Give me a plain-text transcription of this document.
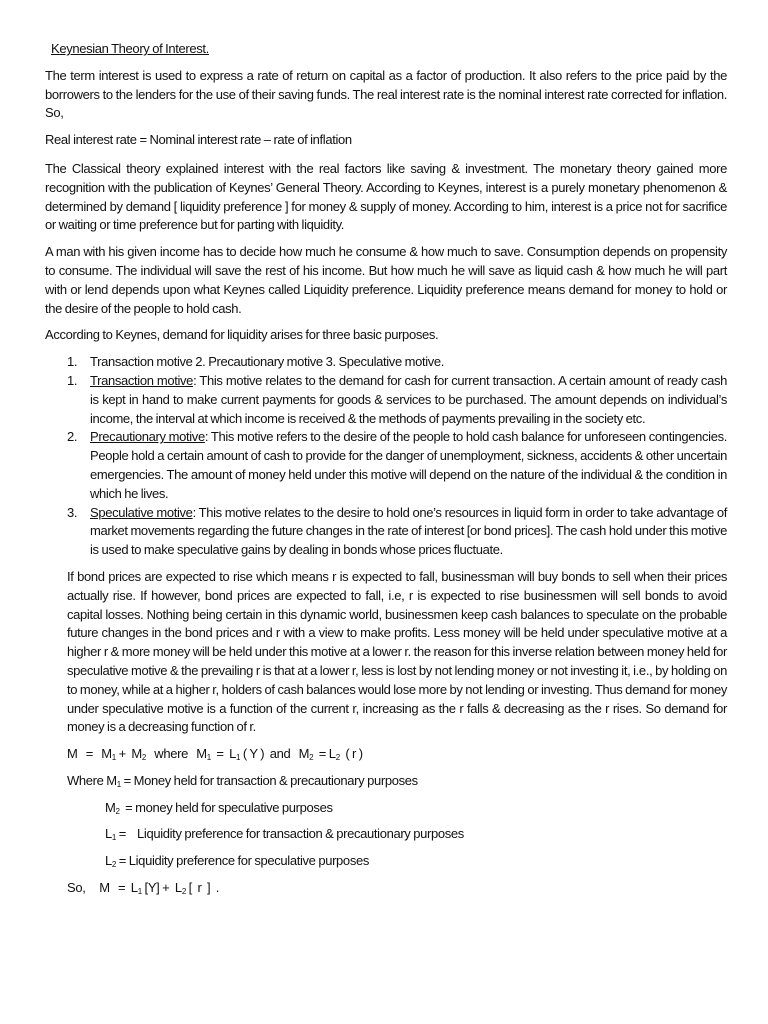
Keynesian Theory of Interest.

The term interest is used to express a rate of return on capital as a factor of production. It also refers to the price paid by the borrowers to the lenders for the use of their saving funds. The real interest rate is the nominal interest rate corrected for inflation. So,

Real interest rate = Nominal interest rate – rate of inflation

The Classical theory explained interest with the real factors like saving & investment. The monetary theory gained more recognition with the publication of Keynes’ General Theory. According to Keynes, interest is a purely monetary phenomenon & determined by demand [ liquidity preference ] for money & supply of money. According to him, interest is a price not for sacrifice or waiting or time preference but for parting with liquidity.

A man with his given income has to decide how much he consume & how much to save. Consumption depends on propensity to consume. The individual will save the rest of his income. But how much he will save as liquid cash & how much he will part with or lend depends upon what Keynes called Liquidity preference. Liquidity preference means demand for money to hold or the desire of the people to hold cash.

According to Keynes, demand for liquidity arises for three basic purposes.

1. Transaction motive 2. Precautionary motive 3. Speculative motive.
1. Transaction motive: This motive relates to the demand for cash for current transaction. A certain amount of ready cash is kept in hand to make current payments for goods & services to be purchased. The amount depends on individual’s income, the interval at which income is received & the methods of payments prevailing in the society etc.
2. Precautionary motive: This motive refers to the desire of the people to hold cash balance for unforeseen contingencies. People hold a certain amount of cash to provide for the danger of unemployment, sickness, accidents & other uncertain emergencies. The amount of money held under this motive will depend on the nature of the individual & the condition in which he lives.
3. Speculative motive: This motive relates to the desire to hold one’s resources in liquid form in order to take advantage of market movements regarding the future changes in the rate of interest [or bond prices]. The cash hold under this motive is used to make speculative gains by dealing in bonds whose prices fluctuate.

If bond prices are expected to rise which means r is expected to fall, businessman will buy bonds to sell when their prices actually rise. If however, bond prices are expected to fall, i.e, r is expected to rise businessmen will sell bonds to avoid capital losses. Nothing being certain in this dynamic world, businessmen keep cash balances to speculate on the probable future changes in the bond prices and r with a view to make profits. Less money will be held under speculative motive at a higher r & more money will be held under this motive at a lower r. the reason for this inverse relation between money held for speculative motive & the prevailing r is that at a lower r, less is lost by not lending money or not investing it, i.e., by holding on to money, while at a higher r, holders of cash balances would lose more by not lending or investing. Thus demand for money under speculative motive is a function of the current r, increasing as the r falls & decreasing as the r rises. So demand for money is a decreasing function of r.

$M = M_1 + M_2$   where   $M_1 = L_1$ ( Y )  and   $M_2 = L_2$  ( r )
Where $M_1$ = Money held for transaction & precautionary purposes
$M_2$  = money held for speculative purposes
$L_1$ =    Liquidity preference for transaction & precautionary purposes
$L_2$ = Liquidity preference for speculative purposes
So,     $M = L_1$ $[Y] + L_2$ [  r  ]  .
